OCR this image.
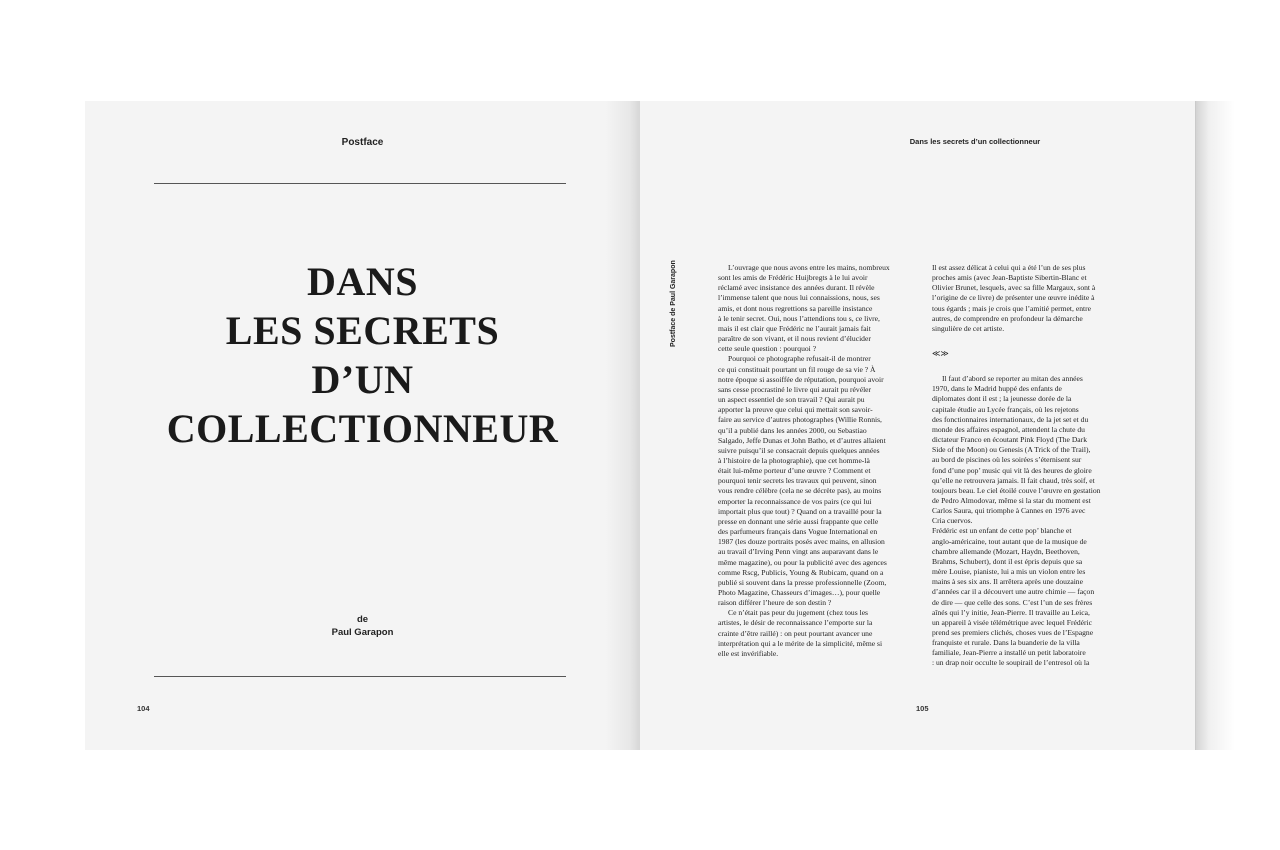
Postface
DANS
LES SECRETS
D’UN
COLLECTIONNEUR
de
Paul Garapon
104
Dans les secrets d’un collectionneur
Postface de Paul Garapon	L’ouvrage que nous avons entre les mains, nombreux

sont les amis de Frédéric Huijbregts à le lui avoir

réclamé avec insistance des années durant. Il révèle

l’immense talent que nous lui connaissions, nous, ses

amis, et dont nous regrettions sa pareille insistance

à le tenir secret. Oui, nous l’attendions tou s, ce livre,

mais il est clair que Frédéric ne l’aurait jamais fait

paraître de son vivant, et il nous revient d’élucider

cette seule question : pourquoi ?

Pourquoi ce photographe refusait-il de montrer

ce qui constituait pourtant un fil rouge de sa vie ? À

notre époque si assoiffée de réputation, pourquoi avoir

sans cesse procrastiné le livre qui aurait pu révéler

un aspect essentiel de son travail ? Qui aurait pu

apporter la preuve que celui qui mettait son savoir-

faire au service d’autres photographes (Willie Ronnis,

qu’il a publié dans les années 2000, ou Sebastiao

Salgado, Jeffe Dunas et John Batho, et d’autres allaient

suivre puisqu’il se consacrait depuis quelques années

à l’histoire de la photographie), que cet homme-là

était lui-même porteur d’une œuvre ? Comment et

pourquoi tenir secrets les travaux qui peuvent, sinon

vous rendre célèbre (cela ne se décrète pas), au moins

emporter la reconnaissance de vos pairs (ce qui lui

importait plus que tout) ? Quand on a travaillé pour la

presse en donnant une série aussi frappante que celle

des parfumeurs français dans Vogue International en

1987 (les douze portraits posés avec mains, en allusion

au travail d’Irving Penn vingt ans auparavant dans le

même magazine), ou pour la publicité avec des agences

comme Rscg, Publicis, Young & Rubicam, quand on a

publié si souvent dans la presse professionnelle (Zoom,

Photo Magazine, Chasseurs d’images…), pour quelle

raison différer l’heure de son destin ?

Ce n’était pas peur du jugement (chez tous les

artistes, le désir de reconnaissance l’emporte sur la

crainte d’être raillé) : on peut pourtant avancer une

interprétation qui a le mérite de la simplicité, même si

elle est invérifiable.

Il est assez délicat à celui qui a été l’un de ses plus

proches amis (avec Jean-Baptiste Sibertin-Blanc et

Olivier Brunet, lesquels, avec sa fille Margaux, sont à

l’origine de ce livre) de présenter une œuvre inédite à

tous égards ; mais je crois que l’amitié permet, entre

autres, de comprendre en profondeur la démarche

singulière de cet artiste.

≪≫

Il faut d’abord se reporter au mitan des années

1970, dans le Madrid huppé des enfants de

diplomates dont il est ; la jeunesse dorée de la

capitale étudie au Lycée français, où les rejetons

des fonctionnaires internationaux, de la jet set et du

monde des affaires espagnol, attendent la chute du

dictateur Franco en écoutant Pink Floyd (The Dark

Side of the Moon) ou Genesis (A Trick of the Trail),

au bord de piscines où les soirées s’éternisent sur

fond d’une pop’ music qui vit là des heures de gloire

qu’elle ne retrouvera jamais. Il fait chaud, très soif, et

toujours beau. Le ciel étoilé couve l’œuvre en gestation

de Pedro Almodovar, même si la star du moment est

Carlos Saura, qui triomphe à Cannes en 1976 avec

Cria cuervos.

Frédéric est un enfant de cette pop’ blanche et

anglo-américaine, tout autant que de la musique de

chambre allemande (Mozart, Haydn, Beethoven,

Brahms, Schubert), dont il est épris depuis que sa

mère Louise, pianiste, lui a mis un violon entre les

mains à ses six ans. Il arrêtera après une douzaine

d’années car il a découvert une autre chimie — façon

de dire — que celle des sons. C’est l’un de ses frères

aînés qui l’y initie, Jean-Pierre. Il travaille au Leica,

un appareil à visée télémétrique avec lequel Frédéric

prend ses premiers clichés, choses vues de l’Espagne

franquiste et rurale. Dans la buanderie de la villa

familiale, Jean-Pierre a installé un petit laboratoire

: un drap noir occulte le soupirail de l’entresol où la

105
